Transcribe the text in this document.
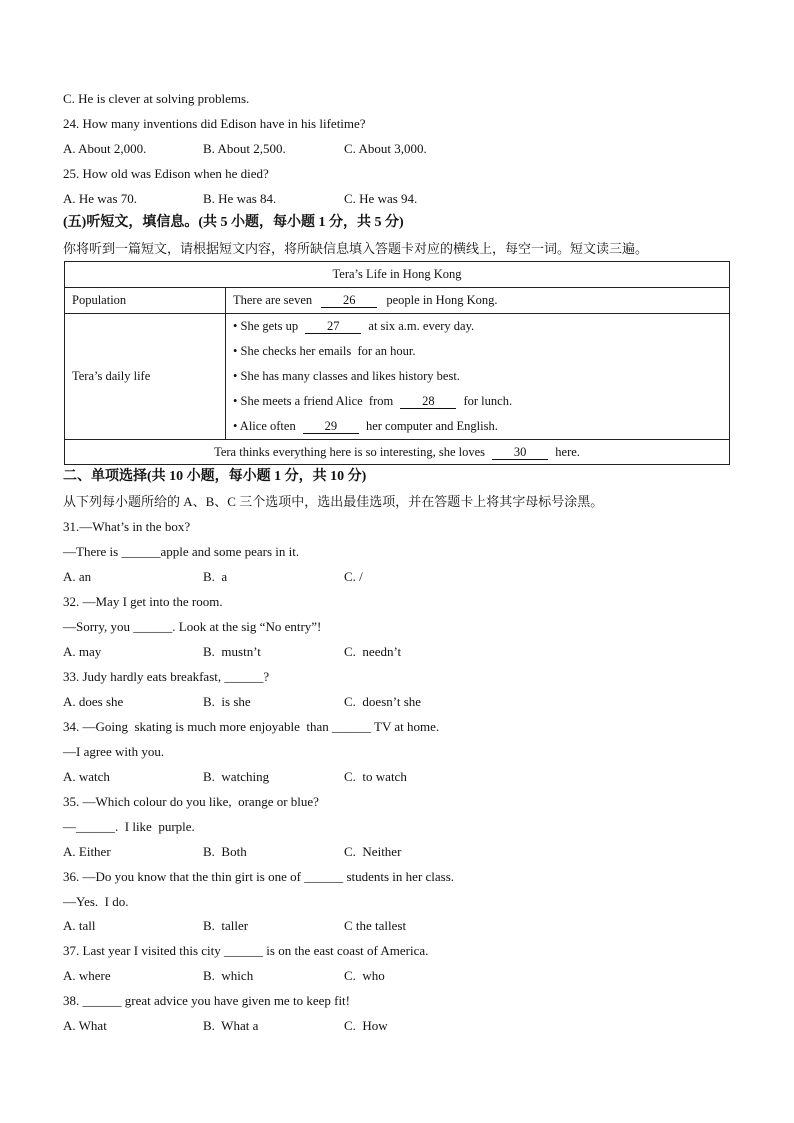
C. He is clever at solving problems.
24. How many inventions did Edison have in his lifetime?
A. About 2,000.	B. About 2,500.	C. About 3,000.
25. How old was Edison when he died?
A. He was 70.	B. He was 84.	C. He was 94.
(五)听短文，填信息。(共 5 小题，每小题 1 分，共 5 分)
你将听到一篇短文，请根据短文内容，将所缺信息填入答题卡对应的横线上，每空一词。短文读三遍。
Tera’s Life in Hong Kong	
Population	There are seven 26 people in Hong Kong.
Tera’s daily life	• She gets up 27 at six a.m. every day.
• She checks her emails  for an hour.
• She has many classes and likes history best.
• She meets a friend Alice  from 28 for lunch.
• Alice often 29 her computer and English.

Tera thinks everything here is so interesting, she loves 30 here.	
二、单项选择(共 10 小题，每小题 1 分，共 10 分)
从下列每小题所给的 A、B、C 三个选项中，选出最佳选项，并在答题卡上将其字母标号涂黑。
31.—What’s in the box?
—There is ______apple and some pears in it.
A. an	B.  a	C. /
32. —May I get into the room.
—Sorry, you ______. Look at the sig “No entry”!
A. may	B.  mustn’t	C.  needn’t
33. Judy hardly eats breakfast, ______?
A. does she	B.  is she	C.  doesn’t she
34. —Going  skating is much more enjoyable  than ______ TV at home.
—I agree with you.
A. watch	B.  watching	C.  to watch
35. —Which colour do you like,  orange or blue?
—______.  I like  purple.
A. Either	B.  Both	C.  Neither
36. —Do you know that the thin girt is one of ______ students in her class.
—Yes.  I do.
A. tall	B.  taller	C the tallest
37. Last year I visited this city ______ is on the east coast of America.
A. where	B.  which	C.  who
38. ______ great advice you have given me to keep fit!
A. What	B.  What a	C.  How
